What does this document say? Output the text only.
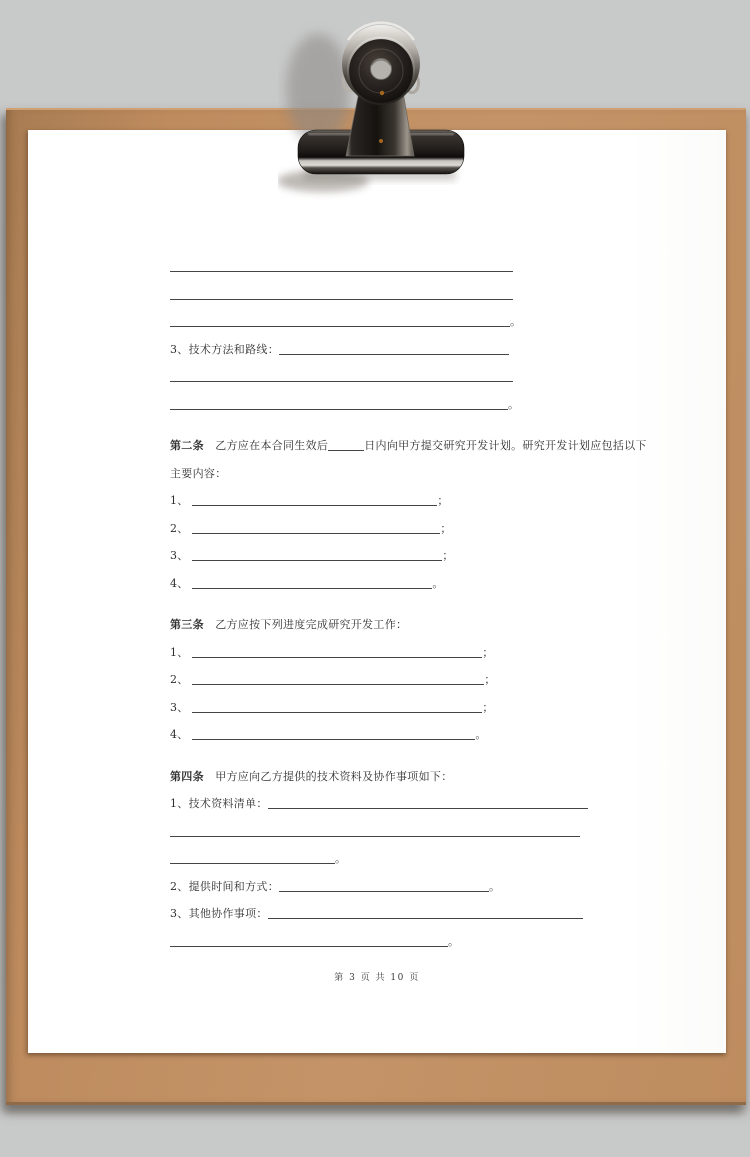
。
3、技术方法和路线：
。
第二条　乙方应在本合同生效后	日内向甲方提交研究开发计划。研究开发计划应包括以下
主要内容：
1、	；
2、	；
3、	；
4、	。
第三条　乙方应按下列进度完成研究开发工作：
1、	；
2、	；
3、	；
4、	。
第四条　甲方应向乙方提供的技术资料及协作事项如下：
1、技术资料清单：
。
2、提供时间和方式：	。
3、其他协作事项：
。
第 3 页 共 10 页
